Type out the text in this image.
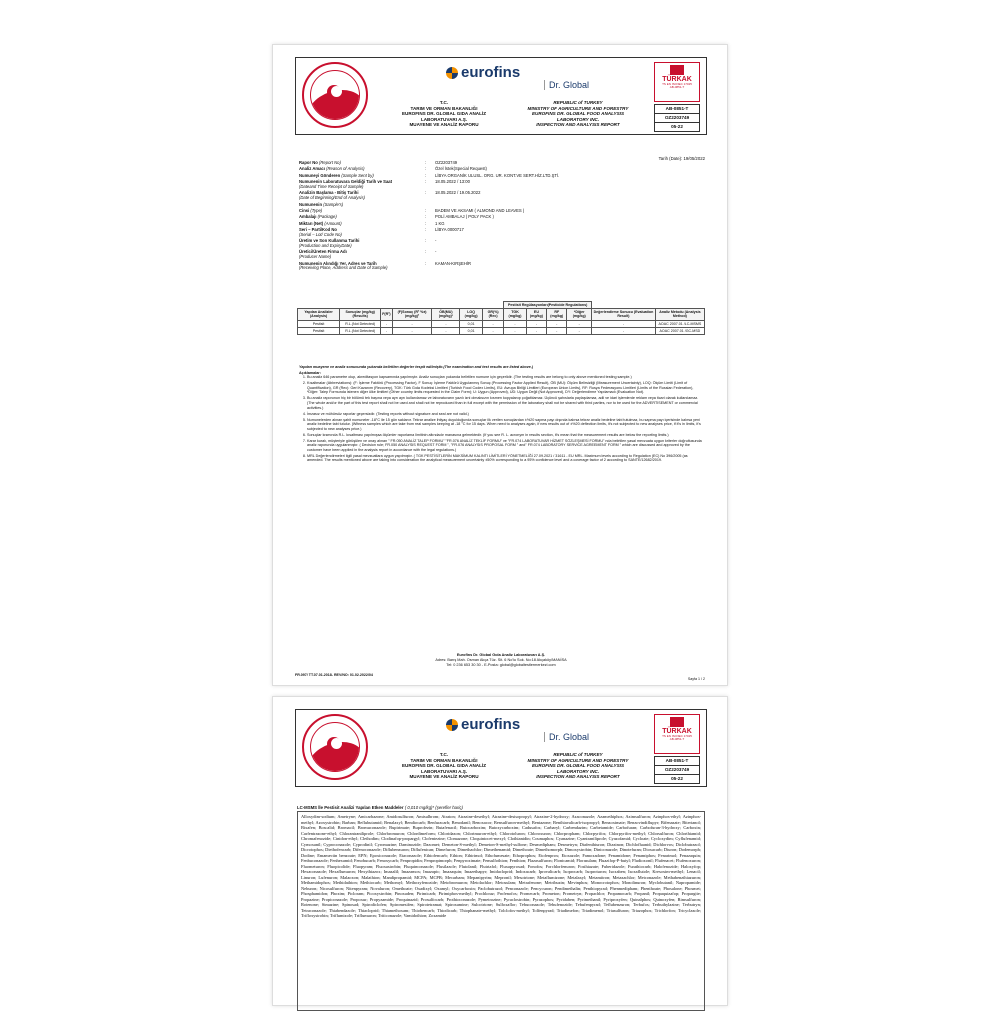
eurofins
Dr. Global
T.C.
TARIM VE ORMAN BAKANLIĞI
EUROFINS DR. GLOBAL GIDA ANALİZ
LABORATUVARI A.Ş.
MUAYENE VE ANALİZ RAPORU
REPUBLIC of TURKEY
MINISTRY OF AGRICULTURE AND FORESTRY
EUROFINS DR. GLOBAL FOOD ANALYSIS
LABORATORY INC.
INSPECTION AND ANALYSIS REPORT
TÜRKAK
TS EN ISO/IEC 17025
AB-0851-T
AB-0851-T
OZ2203749
05-22
Tarih (Date): 19/05/2022
Rapor No (Report No)	:	OZ2203749
Analiz Amacı (Reason of Analysis)	:	Özel İstek(Special Request)
Numuneyi Gönderen (Sample Sent by)	:	LİBYA ORGANİK ULUSL. ORG. UR. KONT.VE SERT.HİZ.LTD.ŞTİ.
Numunenin Laboratuvara Geldiği Tarih ve Saat
(Dateand Time Receipt of Sample)
:	18.05.2022 / 13:00
Analizin Başlama - Bitiş Tarihi
(Date of Beginning/End of Analysis)
:	18.05.2022 / 19.05.2022
Numunenin (Sample's)
Cinsi (Type)	:	BADEM VE AKSAMI ( ALMOND AND LEAVES )
Ambalajı (Package)	:	POLİ AMBALAJ ( POLY PACK )
Miktarı (Net) (Amount)	:	1 KG
Seri – Parti/Kod No
(Serial – Lot/ Code No)
:	LİBYA 0000717
Üretim ve Son Kullanma Tarihi
(Production and ExpiryDate)
:	-
Üretici/Üreten Firma Adı
(Producer Name)
:	-
Numunenin Alındığı Yer, Adres ve Tarih
(Receiving Place, Address and Date of Sample)
:	KAMAN-KIRŞEHİR
							Pestisit Regülasyonları(Pesticide Regulations)					
Yapılan Analizler (Analysis)	Sonuçlar (mg/kg) (Results)	F(R²)	(F)Sonuç (R² %±) (mg/kg)²	ÖB(MU) (mg/kg)¹	LOQ (mg/kg)	GR(%) (Rec)	TGK (mg/kg)	EU (mg/kg)	RF (mg/kg)	*Diğer (mg/kg)	Değerlendirme Sonucu (Evaluation Result)	Analiz Metodu (Analysis Method)
Pestisit	R.L.(Not Detected)	-	-	-	0,01	-	-	-	-	-	-	AOAC 2007.01 /LC-MSMS
Pestisit	R.L.(Not Detected)	-	-	-	0,01	-	-	-	-	-	-	AOAC 2007.01 /GC-MSD
Yapılan muayene ve analiz sonucunda yukarıda belirtilen değerler tespit edilmiştir.(The examination and test results are listed above.)
Açıklamalar:
1. Bu analiz 646 parametre olup, akreditasyon kapsamında yapılmıştır. Analiz sonuçları yukarıda belirtilen numune için geçerlidir. (The testing results are belong to only above mentioned testing sample.)
2. Kısaltmalar (Abbreviations): (F: İşleme Faktörü (Processing Factor), F Sonuç: İşleme Faktörü Uygulanmış Sonuç (Processing Factor Applied Result), ÖB (MU): Ölçüm Belirsizliği (Measurement Uncertainty), LOQ: Ölçüm Limiti (Limit of Quantification), GR (Rec): Geri Kazanım (Recovery), TGK: Türk Gıda Kodeksi Limitleri (Turkish Food Codex Limits), EU: Avrupa Birliği Limitleri (European Union Limits), RF: Rusya Federasyonu Limitleri (Limits of the Russian Federation), *Diğer: Talep Formunda istenen diğer ülke limitleri (Other country limits requested in the Claim Form); U: Uygun (Approved), UD: Uygun Değil (Not Approved), DY: Değerlendirme Yapılamadı (Evaluation Not).
3. Bu analiz raporunun hiç bir bölümü tek başına veya ayrı ayrı kullanılamaz ve laboratuvarın yazılı izni olmaksızın kısmen kopyalanıp çoğaltılamaz. Üçüncü şahıslarla paylaşılamaz, adli ve idari işlemlerde reklam veya ticari olarak kullanılamaz. (The whole and/or the part of this test report shall not be used and shall not be reproduced than in full except with the permission of the laboratory shall not be shared with third parties, nor to be used for the ADVERTISEMENT or commercial activities.)
4. İmzasız ve mühürsüz raporlar geçersizdir. (Testing reports without signature and seal are not valid.)
5. Numunelerden alınan şahit numuneler -18°C ile 15 gün saklanır. Tekrar analize ihtiyaç duyulduğunda sonuçlar ilk verilen sonuçlardan ±%20 sapma payı dışında kalırsa tekrar analiz bedeline tabi tutulmaz, bu sapma payı içerisinde kalırsa yeni analiz bedeline tabi tutulur. (Witness samples which are take from real samples keeping at -18 °C for 15 days. When need to analyses again, if new results out of ±%20 deflection limits, it's not subjected to new analyses price, if it's in limits, it's subjected to new analyses price.)
6. Sonuçlar kısmında R.L. kısaltması yapılmışsa ölçümler raporlama limitinin altındadır manasına gelmektedir. (If you see R. L. acronym in results section, it's mean that the measurement results are below the reporting limits.)
7. Karar kuralı, müşteriyle görüşülen ve onay alınan " FR.050 ANALİZ TALEP FORMU" "FR.076 ANALİZ TEKLİF FORMU" ve "FR.074 LABORATUVAR HİZMET SÖZLEŞMESİ FORMU" nda belirtilen yasal mevzuata uygun kriterler doğrultusunda analiz raporunda uygulanmıştır. ( Decision rule; FR.050 ANALYSIS REQUEST FORM ", "FR.076 ANALYSIS PROPOSAL FORM " and" FR.074 LABORATORY SERVICE AGREEMENT FORM " which are discussed and approved by the customer have been applied in the analysis report in accordance with the legal regulations.)
8. MRL Değerlendirmeleri ilgili yasal mevzuatlara uygun yapılmıştır. ( TGK PESTİSİTLERİN MAKSİMUM KALINTI LİMİTLERİ YÖNETMELİĞİ 27.09.2021 / 31611 - EU MRL. Maximum levels according to Regulation (EC) No 396/2005 (as amended. The results mentioned above are taking into consideration the analytical measurement uncertainty ±50% corresponding to a 95% confidence level and a coverage factor of 2 according to SANTE/12682/2019.
Eurofins Dr. Global Gıda Analiz Laboratuvarı A.Ş.
Adres: Barış Mah. Osman Akça Tüz. Sit. 6 No'lu Sok. No:18 Akçaköy/MANİSA
Tel: 0 236 653 30 30 - E-Posta: global@globaltestlermerkezi.com
FR.097/ TT.07.01.2018- REV/NO: 01.02.2022/04
Sayfa 1 / 2
eurofins
Dr. Global
T.C.
TARIM VE ORMAN BAKANLIĞI
EUROFINS DR. GLOBAL GIDA ANALİZ
LABORATUVARI A.Ş.
MUAYENE VE ANALİZ RAPORU
REPUBLIC of TURKEY
MINISTRY OF AGRICULTURE AND FORESTRY
EUROFINS DR. GLOBAL FOOD ANALYSIS
LABORATORY INC.
INSPECTION AND ANALYSIS REPORT
TÜRKAK
TS EN ISO/IEC 17025
AB-0851-T
AB-0851-T
OZ2203749
05-22
LC-MSMS İle Pestisit Analizi Yapılan Etken Maddeler ( 0,010 mg/kg)* (şerefler hariç)
Alloxydim-sodium; Ametryne; Amicarbazone; Amidosulfuron; Amisulbrom; Atraton; Atrazine-desethyl; Atrazine-desisopropyl; Atrazine-2-hydroxy; Azaconazole; Azamethiphos; Azimsulfuron; Azinphos-ethyl; Azinphos-methyl; Azoxystrobin; Barban; Beflubutamid; Benalaxyl; Bendiocarb; Benfuracarb; Benodanil; Benoxacor; Bensulfuron-methyl; Bentazone; Benthiavalicarb-isopropyl; Benzoximate; Benzovindiflupyr; Bifenazate; Bitertanol; Bixafen; Boscalid; Bromacil; Bromuconazole; Bupirimate; Buprofezin; Butafenacil; Butocarboxim; Butoxycarboxim; Cadusafos; Carbaryl; Carbendazim; Carbetamide; Carbofuran; Carbofuran-3-hydroxy; Carboxin; Carfentrazone-ethyl; Chlorantraniliprole; Chlorbromuron; Chlordimeform; Chloridazon; Chlorimuron-ethyl; Chlorotoluron; Chloroxuron; Chlorpropham; Chlorpyrifos; Chlorpyrifos-methyl; Chlorsulfuron; Chlorthiamid; Chromafenozide; Cinidon-ethyl; Clethodim; Clodinafop-propargyl; Clofentezine; Clomazone; Cloquintocet-mexyl; Clothianidin; Coumaphos; Cyanazine; Cyantraniliprole; Cyazofamid; Cycloate; Cycloxydim; Cyflufenamid; Cymoxanil; Cyproconazole; Cyprodinil; Cyromazine; Daminozide; Dazomet; Demeton-S-methyl; Demeton-S-methyl-sulfone; Desmedipham; Desmetryn; Diafenthiuron; Diazinon; Dichlofluanid; Dichlorvos; Diclobutrazol; Dicrotophos; Diethofencarb; Difenoconazole; Diflubenzuron; Diflufenican; Dimefuron; Dimethachlor; Dimethenamid; Dimethoate; Dimethomorph; Dimoxystrobin; Diniconazole; Dinotefuran; Dioxacarb; Diuron; Dodemorph; Dodine; Emamectin benzoate; EPN; Epoxiconazole; Etaconazole; Ethiofencarb; Ethion; Ethirimol; Ethofumesate; Ethoprophos; Etofenprox; Etoxazole; Famoxadone; Fenamidone; Fenamiphos; Fenarimol; Fenazaquin; Fenbuconazole; Fenhexamid; Fenobucarb; Fenoxycarb; Fenpropidin; Fenpropimorph; Fenpyroximate; Fensulfothion; Fenthion; Flazasulfuron; Flonicamid; Florasulam; Fluazifop-P-butyl; Fludioxonil; Flufenacet; Flufenoxuron; Fluometuron; Fluopicolide; Fluopyram; Fluoxastrobin; Fluquinconazole; Flusilazole; Flutolanil; Flutriafol; Fluxapyroxad; Fonofos; Forchlorfenuron; Fosthiazate; Fuberidazole; Furathiocarb; Halofenozide; Haloxyfop; Hexaconazole; Hexaflumuron; Hexythiazox; Imazalil; Imazamox; Imazapic; Imazaquin; Imazethapyr; Imidacloprid; Indoxacarb; Iprovalicarb; Isoprocarb; Isoproturon; Isoxaben; Isoxaflutole; Kresoxim-methyl; Lenacil; Linuron; Lufenuron; Malaoxon; Malathion; Mandipropamid; MCPA; MCPB; Mecarbam; Mepanipyrim; Mepronil; Mesotrione; Metaflumizone; Metalaxyl; Metamitron; Metazachlor; Metconazole; Methabenzthiazuron; Methamidophos; Methidathion; Methiocarb; Methomyl; Methoxyfenozide; Metobromuron; Metolachlor; Metosulam; Metrafenone; Metribuzin; Mevinphos; Monocrotophos; Monolinuron; Myclobutanil; Napropamide; Neburon; Nicosulfuron; Nitenpyram; Novaluron; Omethoate; Oxadixyl; Oxamyl; Oxycarboxin; Paclobutrazol; Penconazole; Pencycuron; Pendimethalin; Penthiopyrad; Phenmedipham; Phenthoate; Phosalone; Phosmet; Phosphamidon; Phoxim; Picloram; Picoxystrobin; Pinoxaden; Pirimicarb; Pirimiphos-methyl; Prochloraz; Profenofos; Promecarb; Prometon; Prometryn; Propachlor; Propamocarb; Propanil; Propaquizafop; Propargite; Propazine; Propiconazole; Propoxur; Propyzamide; Proquinazid; Prosulfocarb; Prothioconazole; Pymetrozine; Pyraclostrobin; Pyrazophos; Pyridaben; Pyrimethanil; Pyriproxyfen; Quinalphos; Quinoxyfen; Rimsulfuron; Rotenone; Simazine; Spinosad; Spirodiclofen; Spiromesifen; Spirotetramat; Spiroxamine; Sulcotrione; Sulfoxaflor; Tebuconazole; Tebufenozide; Tebufenpyrad; Teflubenzuron; Terbufos; Terbuthylazine; Terbutryn; Tetraconazole; Thiabendazole; Thiacloprid; Thiamethoxam; Thiobencarb; Thiodicarb; Thiophanate-methyl; Tolclofos-methyl; Tolfenpyrad; Triadimefon; Triadimenol; Triasulfuron; Triazophos; Trichlorfon; Tricyclazole; Trifloxystrobin; Triflumizole; Triflumuron; Triticonazole; Vamidothion; Zoxamide
